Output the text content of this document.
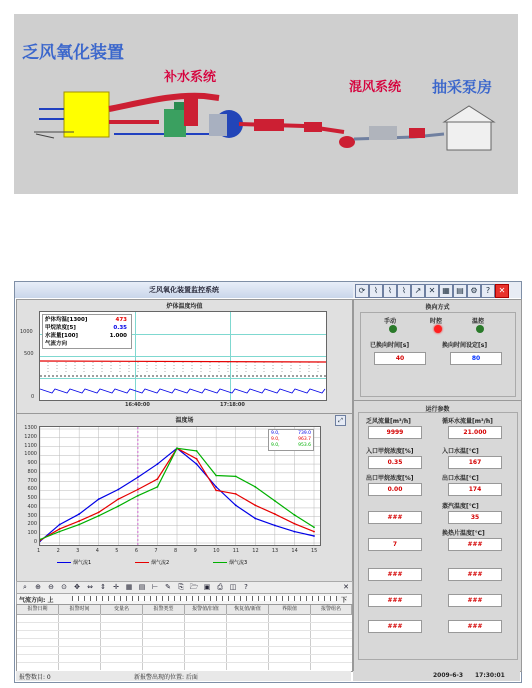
乏风氧化装置
补水系统
混风系统 抽采泵房
乏风氧化装置监控系统	⟳	⌇	⌇	⌇	↗ ✕ ▦ ▤ ⚙	?	✕
炉体温度均值
炉体均温[1300]	473
甲烷浓度[5]	0.35
水流量[100]	1.000
气流方向
1000
500
0
16:40:00	17:18:00
温度场	⤢
9.0,	739.0
9.0,	963.7
9.0,	953.6
0
100
200
300
400
500
600
700
800
900
1000
1100
1200
1300
1	2	3	4	5	6	7	8	9	10	11	12	13	14	15
烟气流1	烟气流2	烟气流3
⌕	⊕ ⊖ ⊙ ✥ ⇔ ⇕ ✛ ▦ ▤ ⊢ ✎	⎘ 🗁 ▣ ⎙ ◫	?	✕
气流方向: 上	下
报警日期	报警时间	变量名	报警类型	报警值/旧值	恢复值/新值	界限值	报警组名
报警数目: 0	新报警出现的位置: 后面
换向方式
手动	时控	温控
已换向时间[s]	换向时间设定[s]
40	80
运行参数
乏风流量[m³/h]	循环水流量[m³/h]
9999	21.000
入口甲烷浓度[%]	入口水温[℃]
0.35	167
出口甲烷浓度[%]	出口水温[℃]
0.00	174
蒸汽温度[℃]
###	35
换热片温度[℃]
7	###
###	###
###	###
###	###
2009-6-3 17:30:01
